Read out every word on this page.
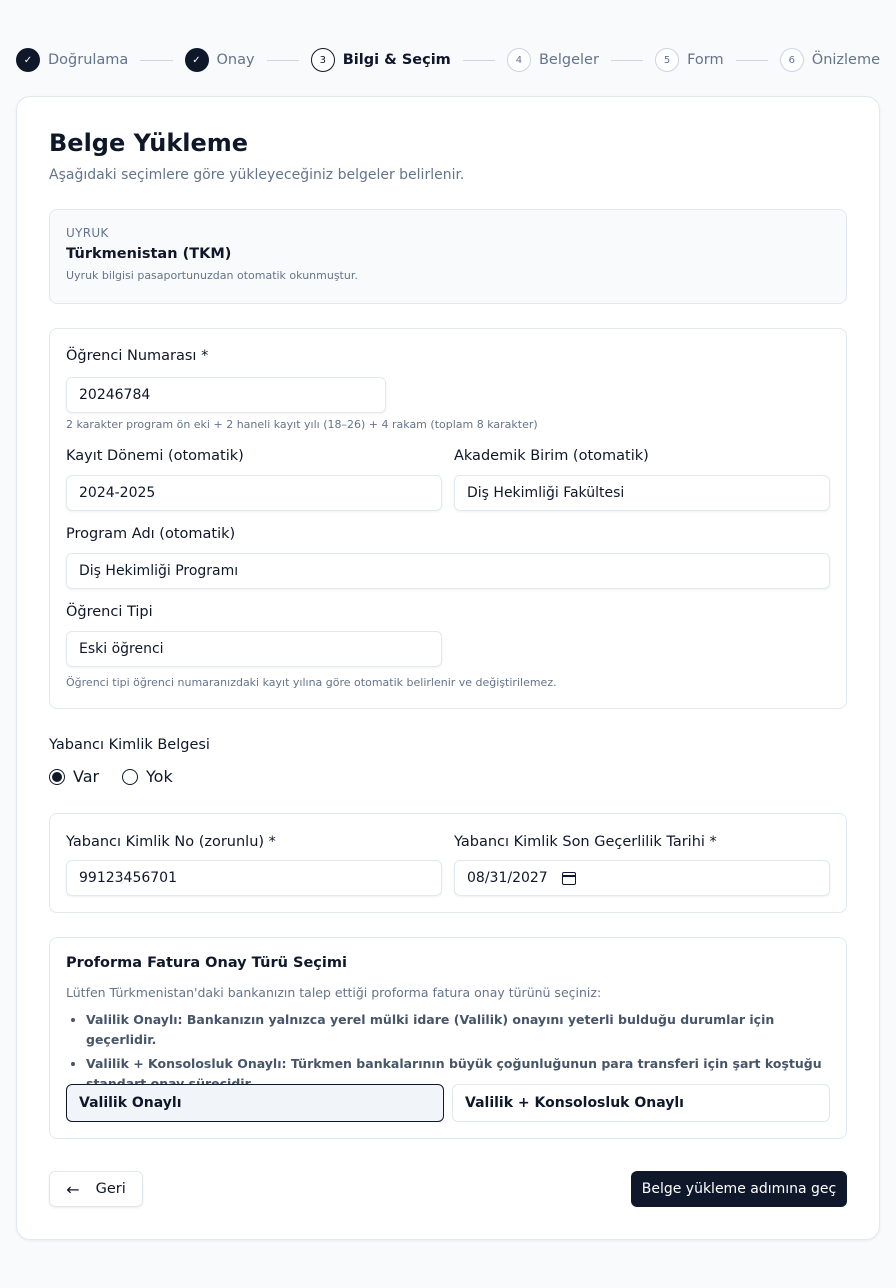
✓	Doğrulama	✓	Onay	3	Bilgi & Seçim	4	Belgeler	5	Form	6	Önizleme
Belge Yükleme

Aşağıdaki seçimlere göre yükleyeceğiniz belgeler belirlenir.

UYRUK
Türkmenistan (TKM)
Uyruk bilgisi pasaportunuzdan otomatik okunmuştur.
Öğrenci Numarası *
20246784
2 karakter program ön eki + 2 haneli kayıt yılı (18–26) + 4 rakam (toplam 8 karakter)
Kayıt Dönemi (otomatik)
2024-2025
Akademik Birim (otomatik)
Diş Hekimliği Fakültesi
Program Adı (otomatik)
Diş Hekimliği Programı
Öğrenci Tipi
Eski öğrenci
Öğrenci tipi öğrenci numaranızdaki kayıt yılına göre otomatik belirlenir ve değiştirilemez.
Yabancı Kimlik Belgesi
Var	Yok
Yabancı Kimlik No (zorunlu) *
99123456701
Yabancı Kimlik Son Geçerlilik Tarihi *
08/31/2027
Proforma Fatura Onay Türü Seçimi
Lütfen Türkmenistan'daki bankanızın talep ettiği proforma fatura onay türünü seçiniz:
• Valilik Onaylı: Bankanızın yalnızca yerel mülki idare (Valilik) onayını yeterli bulduğu durumlar için geçerlidir.
• Valilik + Konsolosluk Onaylı: Türkmen bankalarının büyük çoğunluğunun para transferi için şart koştuğu
Valilik Onaylı	Valilik + Konsolosluk Onaylı
← Geri	Belge yükleme adımına geç
